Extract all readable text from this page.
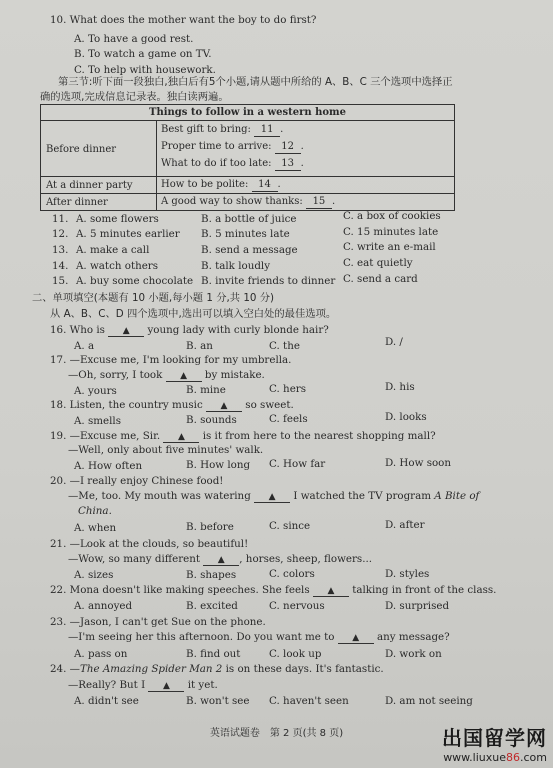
10. What does the mother want the boy to do first?
A. To have a good rest.
B. To watch a game on TV.
C. To help with housework.
第三节:听下面一段独白,独白后有5个小题,请从题中所给的 A、B、C 三个选项中选择正
确的选项,完成信息记录表。独白读两遍。
Things to follow in a western home
Before dinner
Best gift to bring: 11 .
Proper time to arrive: 12 .
What to do if too late: 13 .
At a dinner party	How to be polite: 14 .
After dinner	A good way to show thanks: 15 .
11. A. some flowers	B. a bottle of juice	C. a box of cookies
12. A. 5 minutes earlier B. 5 minutes late	C. 15 minutes late
13. A. make a call	B. send a message	C. write an e-mail
14. A. watch others	B. talk loudly	C. eat quietly
15. A. buy some chocolate B. invite friends to dinner C. send a card
二、单项填空(本题有 10 小题,每小题 1 分,共 10 分)
从 A、B、C、D 四个选项中,选出可以填入空白处的最佳选项。
16. Who is ▲	young lady with curly blonde hair?
A. a	B. an	C. the	D. /
17. —Excuse me, I'm looking for my umbrella.
—Oh, sorry, I took ▲	by mistake.
A. yours	B. mine	C. hers	D. his
18. Listen, the country music ▲	so sweet.
A. smells	B. sounds	C. feels	D. looks
19. —Excuse me, Sir. ▲	is it from here to the nearest shopping mall?
—Well, only about five minutes' walk.
A. How often	B. How long C. How far	D. How soon
20. —I really enjoy Chinese food!
—Me, too. My mouth was watering ▲	I watched the TV program A Bite of
China.
A. when	B. before	C. since	D. after
21. —Look at the clouds, so beautiful!
—Wow, so many different ▲	, horses, sheep, flowers...
A. sizes	B. shapes	C. colors	D. styles
22. Mona doesn't like making speeches. She feels ▲	talking in front of the class.
A. annoyed	B. excited	C. nervous	D. surprised
23. —Jason, I can't get Sue on the phone.
—I'm seeing her this afternoon. Do you want me to ▲	any message?
A. pass on	B. find out	C. look up	D. work on
24. —The Amazing Spider Man 2 is on these days. It's fantastic.
—Really? But I ▲	it yet.
A. didn't see	B. won't see C. haven't seen	D. am not seeing
英语试题卷　第 2 页(共 8 页)	出国留学网
www.liuxue86.com
